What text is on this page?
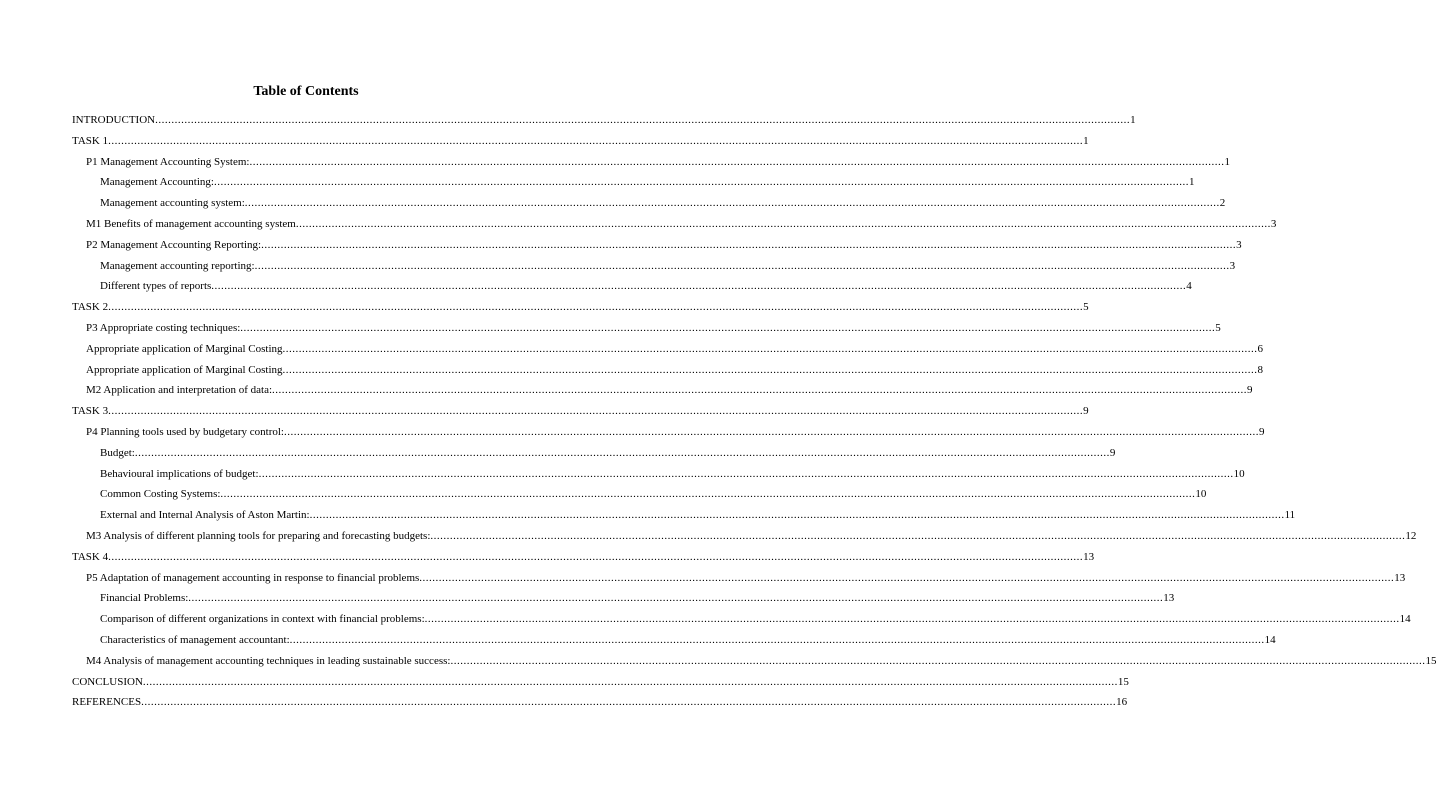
Table of Contents
INTRODUCTION ............................................................................................................................................................................................................................................................................................................ 1
TASK 1 ............................................................................................................................................................................................................................................................................................................ 1
P1 Management Accounting System: ............................................................................................................................................................................................................................................................................................................ 1
Management Accounting: ............................................................................................................................................................................................................................................................................................................ 1
Management accounting system: ............................................................................................................................................................................................................................................................................................................ 2
M1 Benefits of management accounting system ............................................................................................................................................................................................................................................................................................................ 3
P2 Management Accounting Reporting: ............................................................................................................................................................................................................................................................................................................ 3
Management accounting reporting: ............................................................................................................................................................................................................................................................................................................ 3
Different types of reports ............................................................................................................................................................................................................................................................................................................ 4
TASK 2 ............................................................................................................................................................................................................................................................................................................ 5
P3 Appropriate costing techniques: ............................................................................................................................................................................................................................................................................................................ 5
Appropriate application of Marginal Costing ............................................................................................................................................................................................................................................................................................................ 6
Appropriate application of Marginal Costing ............................................................................................................................................................................................................................................................................................................ 8
M2 Application and interpretation of data: ............................................................................................................................................................................................................................................................................................................ 9
TASK 3 ............................................................................................................................................................................................................................................................................................................ 9
P4 Planning tools used by budgetary control: ............................................................................................................................................................................................................................................................................................................ 9
Budget: ............................................................................................................................................................................................................................................................................................................ 9
Behavioural implications of budget: ............................................................................................................................................................................................................................................................................................................ 10
Common Costing Systems: ............................................................................................................................................................................................................................................................................................................ 10
External and Internal Analysis of Aston Martin: ............................................................................................................................................................................................................................................................................................................ 11
M3 Analysis of different planning tools for preparing and forecasting budgets: ............................................................................................................................................................................................................................................................................................................ 12
TASK 4 ............................................................................................................................................................................................................................................................................................................ 13
P5 Adaptation of management accounting in response to financial problems ............................................................................................................................................................................................................................................................................................................ 13
Financial Problems: ............................................................................................................................................................................................................................................................................................................ 13
Comparison of different organizations in context with financial problems: ............................................................................................................................................................................................................................................................................................................ 14
Characteristics of management accountant: ............................................................................................................................................................................................................................................................................................................ 14
M4 Analysis of management accounting techniques in leading sustainable success: ............................................................................................................................................................................................................................................................................................................ 15
CONCLUSION ............................................................................................................................................................................................................................................................................................................ 15
REFERENCES ............................................................................................................................................................................................................................................................................................................ 16
